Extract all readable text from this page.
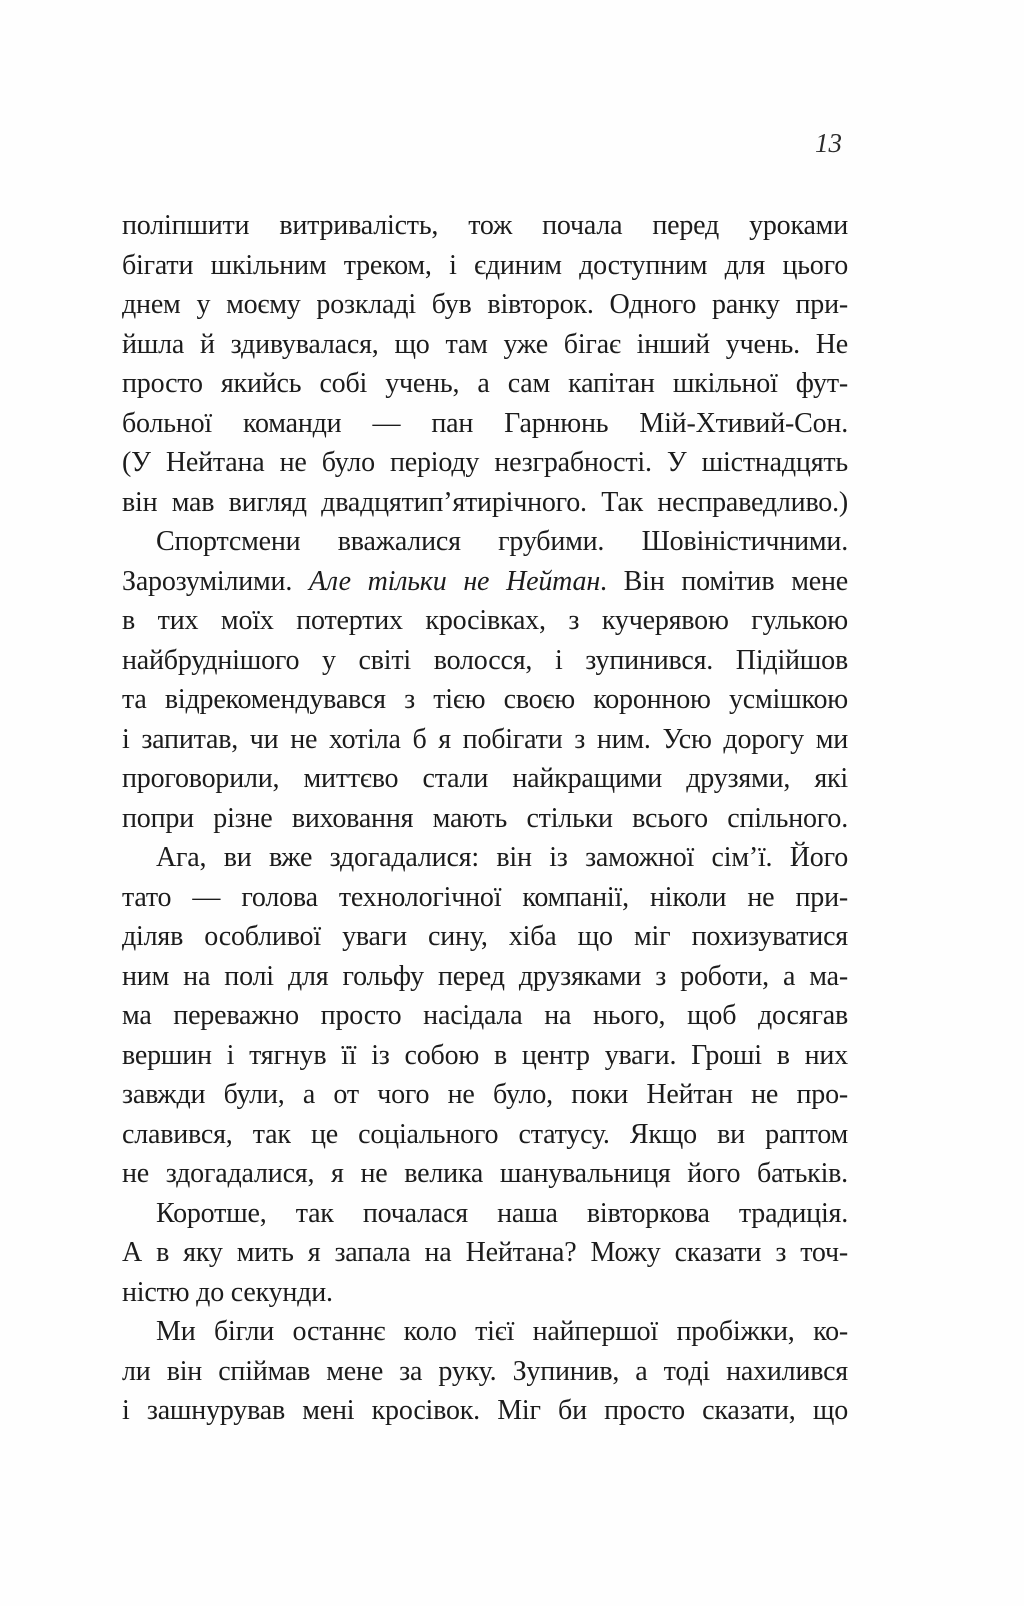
13
поліпшити витривалість, тож почала перед уроками
бігати шкільним треком, і єдиним доступним для цього
днем у моєму розкладі був вівторок. Одного ранку при-
йшла й здивувалася, що там уже бігає інший учень. Не
просто якийсь собі учень, а сам капітан шкільної фут-
больної команди — пан Гарнюнь Мій-Хтивий-Сон.
(У Нейтана не було періоду незграбності. У шістнадцять
він мав вигляд двадцятип’ятирічного. Так несправедливо.)
Спортсмени вважалися грубими. Шовіністичними.
Зарозумілими. Але тільки не Нейтан. Він помітив мене
в тих моїх потертих кросівках, з кучерявою гулькою
найбруднішого у світі волосся, і зупинився. Підійшов
та відрекомендувався з тією своєю коронною усмішкою
і запитав, чи не хотіла б я побігати з ним. Усю дорогу ми
проговорили, миттєво стали найкращими друзями, які
попри різне виховання мають стільки всього спільного.
Ага, ви вже здогадалися: він із заможної сім’ї. Його
тато — голова технологічної компанії, ніколи не при-
діляв особливої уваги сину, хіба що міг похизуватися
ним на полі для гольфу перед друзяками з роботи, а ма-
ма переважно просто насідала на нього, щоб досягав
вершин і тягнув її із собою в центр уваги. Гроші в них
завжди були, а от чого не було, поки Нейтан не про-
славився, так це соціального статусу. Якщо ви раптом
не здогадалися, я не велика шанувальниця його батьків.
Коротше, так почалася наша вівторкова традиція.
А в яку мить я запала на Нейтана? Можу сказати з точ-
ністю до секунди.
Ми бігли останнє коло тієї найпершої пробіжки, ко-
ли він спіймав мене за руку. Зупинив, а тоді нахилився
і зашнурував мені кросівок. Міг би просто сказати, що
